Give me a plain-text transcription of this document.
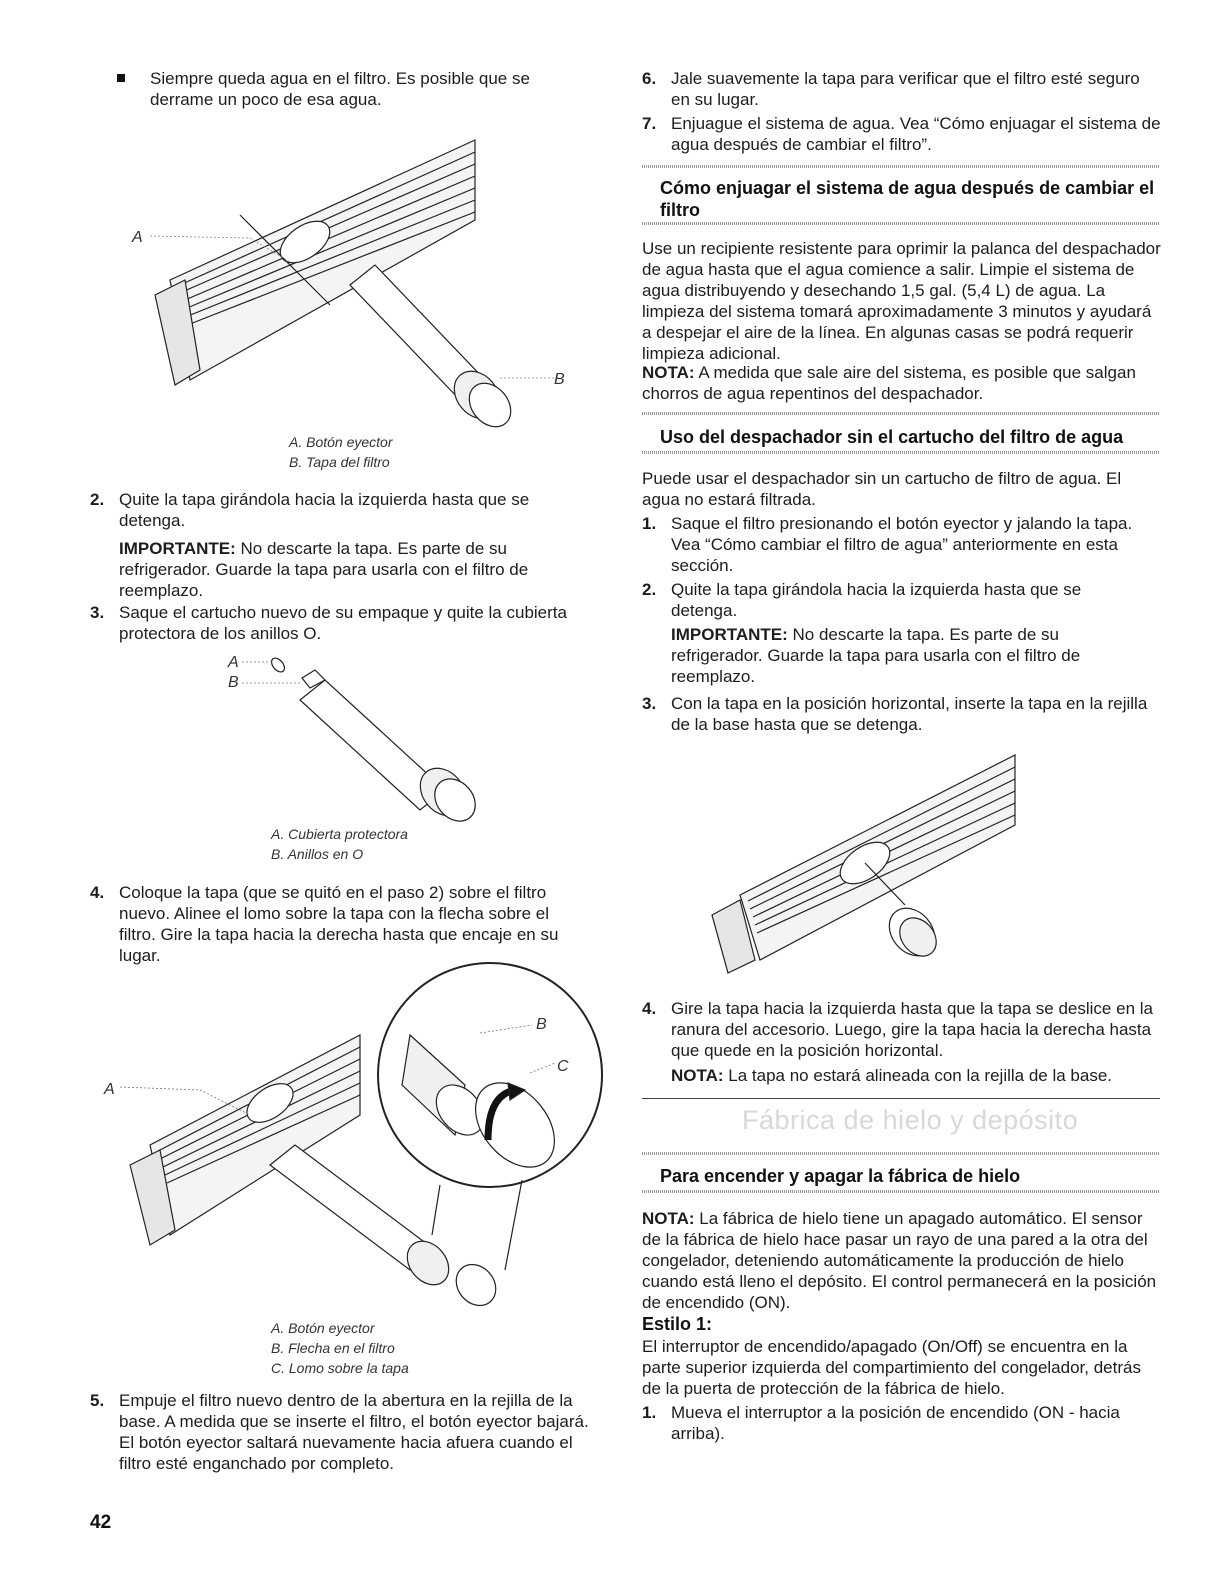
Siempre queda agua en el filtro. Es posible que se derrame un poco de esa agua.
A
B
A. Botón eyector
B. Tapa del filtro
2. Quite la tapa girándola hacia la izquierda hasta que se detenga.
IMPORTANTE: No descarte la tapa. Es parte de su refrigerador. Guarde la tapa para usarla con el filtro de reemplazo.
3. Saque el cartucho nuevo de su empaque y quite la cubierta protectora de los anillos O.
A
B
A. Cubierta protectora
B. Anillos en O
4. Coloque la tapa (que se quitó en el paso 2) sobre el filtro nuevo. Alinee el lomo sobre la tapa con la flecha sobre el filtro. Gire la tapa hacia la derecha hasta que encaje en su lugar.
A
B
C
A. Botón eyector
B. Flecha en el filtro
C. Lomo sobre la tapa
5. Empuje el filtro nuevo dentro de la abertura en la rejilla de la base. A medida que se inserte el filtro, el botón eyector bajará. El botón eyector saltará nuevamente hacia afuera cuando el filtro esté enganchado por completo.
42
6. Jale suavemente la tapa para verificar que el filtro esté seguro en su lugar.
7. Enjuague el sistema de agua. Vea “Cómo enjuagar el sistema de agua después de cambiar el filtro”.
Cómo enjuagar el sistema de agua después de cambiar el filtro
Use un recipiente resistente para oprimir la palanca del despachador de agua hasta que el agua comience a salir. Limpie el sistema de agua distribuyendo y desechando 1,5 gal. (5,4 L) de agua. La limpieza del sistema tomará aproximadamente 3 minutos y ayudará a despejar el aire de la línea. En algunas casas se podrá requerir limpieza adicional.
NOTA: A medida que sale aire del sistema, es posible que salgan chorros de agua repentinos del despachador.
Uso del despachador sin el cartucho del filtro de agua
Puede usar el despachador sin un cartucho de filtro de agua. El agua no estará filtrada.
1. Saque el filtro presionando el botón eyector y jalando la tapa. Vea “Cómo cambiar el filtro de agua” anteriormente en esta sección.
2. Quite la tapa girándola hacia la izquierda hasta que se detenga.
IMPORTANTE: No descarte la tapa. Es parte de su refrigerador. Guarde la tapa para usarla con el filtro de reemplazo.
3. Con la tapa en la posición horizontal, inserte la tapa en la rejilla de la base hasta que se detenga.
4. Gire la tapa hacia la izquierda hasta que la tapa se deslice en la ranura del accesorio. Luego, gire la tapa hacia la derecha hasta que quede en la posición horizontal.
NOTA: La tapa no estará alineada con la rejilla de la base.
Fábrica de hielo y depósito
Para encender y apagar la fábrica de hielo
NOTA: La fábrica de hielo tiene un apagado automático. El sensor de la fábrica de hielo hace pasar un rayo de una pared a la otra del congelador, deteniendo automáticamente la producción de hielo cuando está lleno el depósito. El control permanecerá en la posición de encendido (ON).
Estilo 1:
El interruptor de encendido/apagado (On/Off) se encuentra en la parte superior izquierda del compartimiento del congelador, detrás de la puerta de protección de la fábrica de hielo.
1. Mueva el interruptor a la posición de encendido (ON - hacia arriba).
